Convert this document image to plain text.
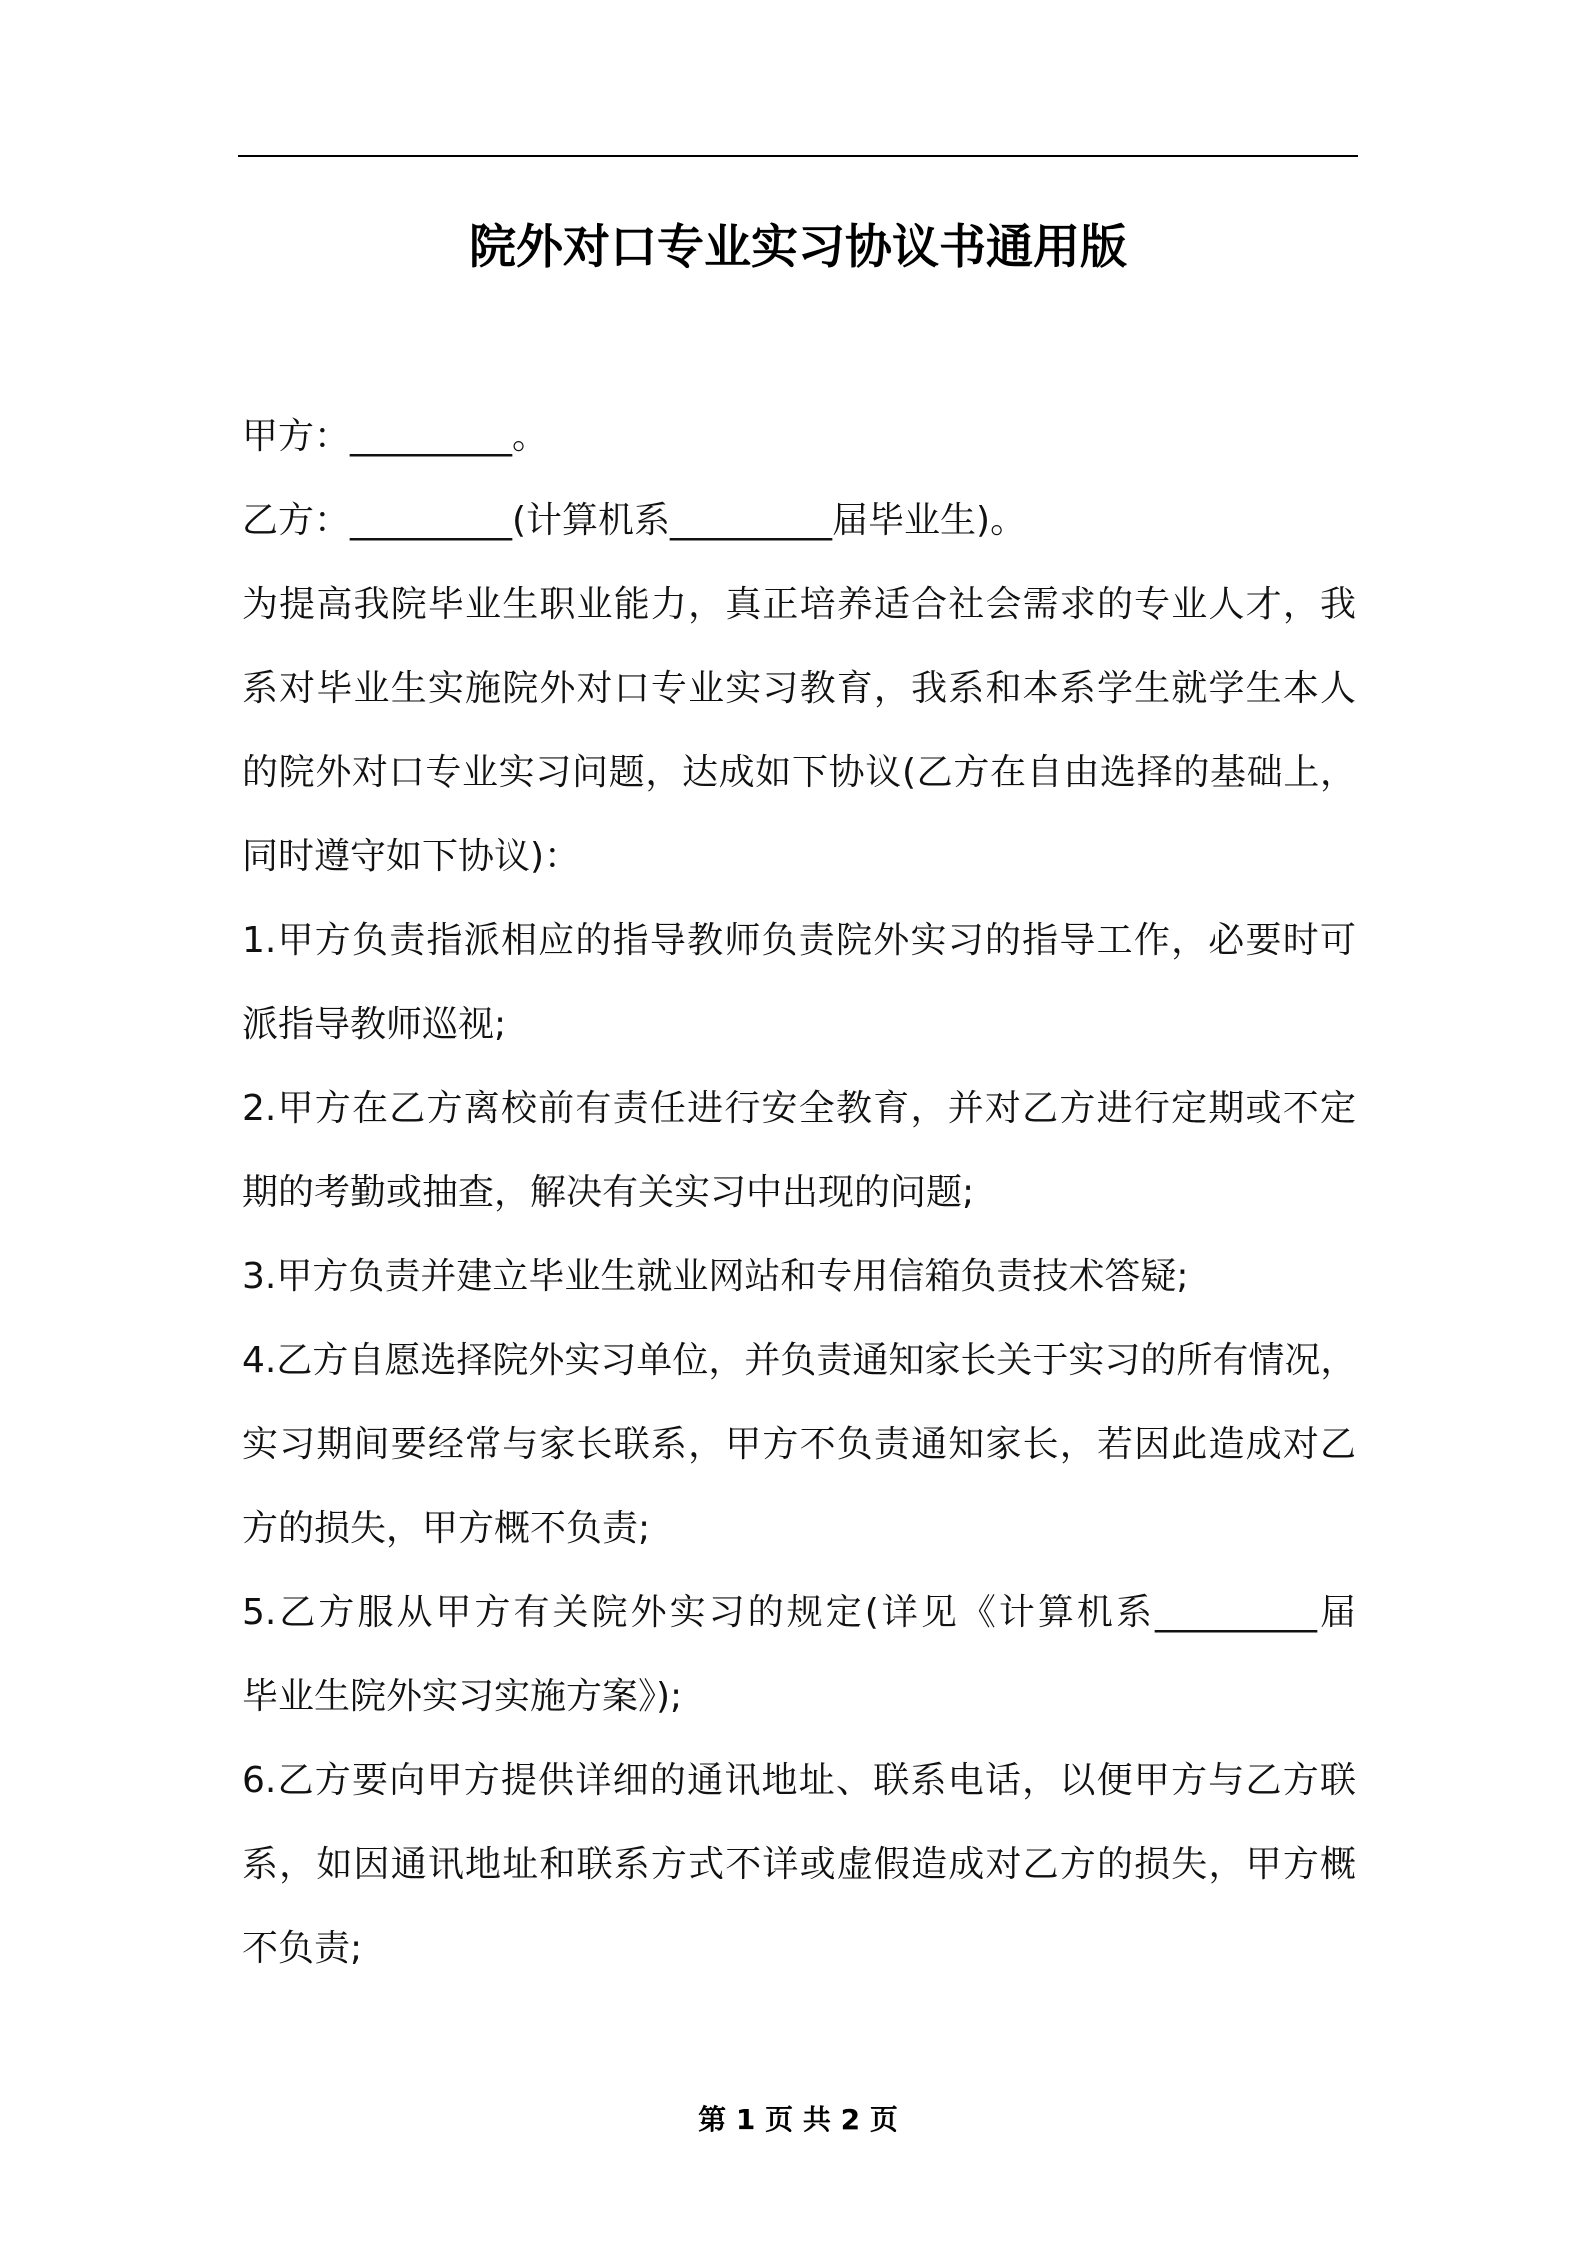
院外对口专业实习协议书通用版
甲方：_________。
乙方：_________(计算机系_________届毕业生)。
为提高我院毕业生职业能力，真正培养适合社会需求的专业人才，我
系对毕业生实施院外对口专业实习教育，我系和本系学生就学生本人
的院外对口专业实习问题，达成如下协议(乙方在自由选择的基础上，
同时遵守如下协议)：
1.甲方负责指派相应的指导教师负责院外实习的指导工作，必要时可
派指导教师巡视;
2.甲方在乙方离校前有责任进行安全教育，并对乙方进行定期或不定
期的考勤或抽查，解决有关实习中出现的问题;
3.甲方负责并建立毕业生就业网站和专用信箱负责技术答疑;
4.乙方自愿选择院外实习单位，并负责通知家长关于实习的所有情况，
实习期间要经常与家长联系，甲方不负责通知家长，若因此造成对乙
方的损失，甲方概不负责;
5.乙方服从甲方有关院外实习的规定(详见《计算机系_________届
毕业生院外实习实施方案》);
6.乙方要向甲方提供详细的通讯地址、联系电话，以便甲方与乙方联
系，如因通讯地址和联系方式不详或虚假造成对乙方的损失，甲方概
不负责;
第 1 页 共 2 页
